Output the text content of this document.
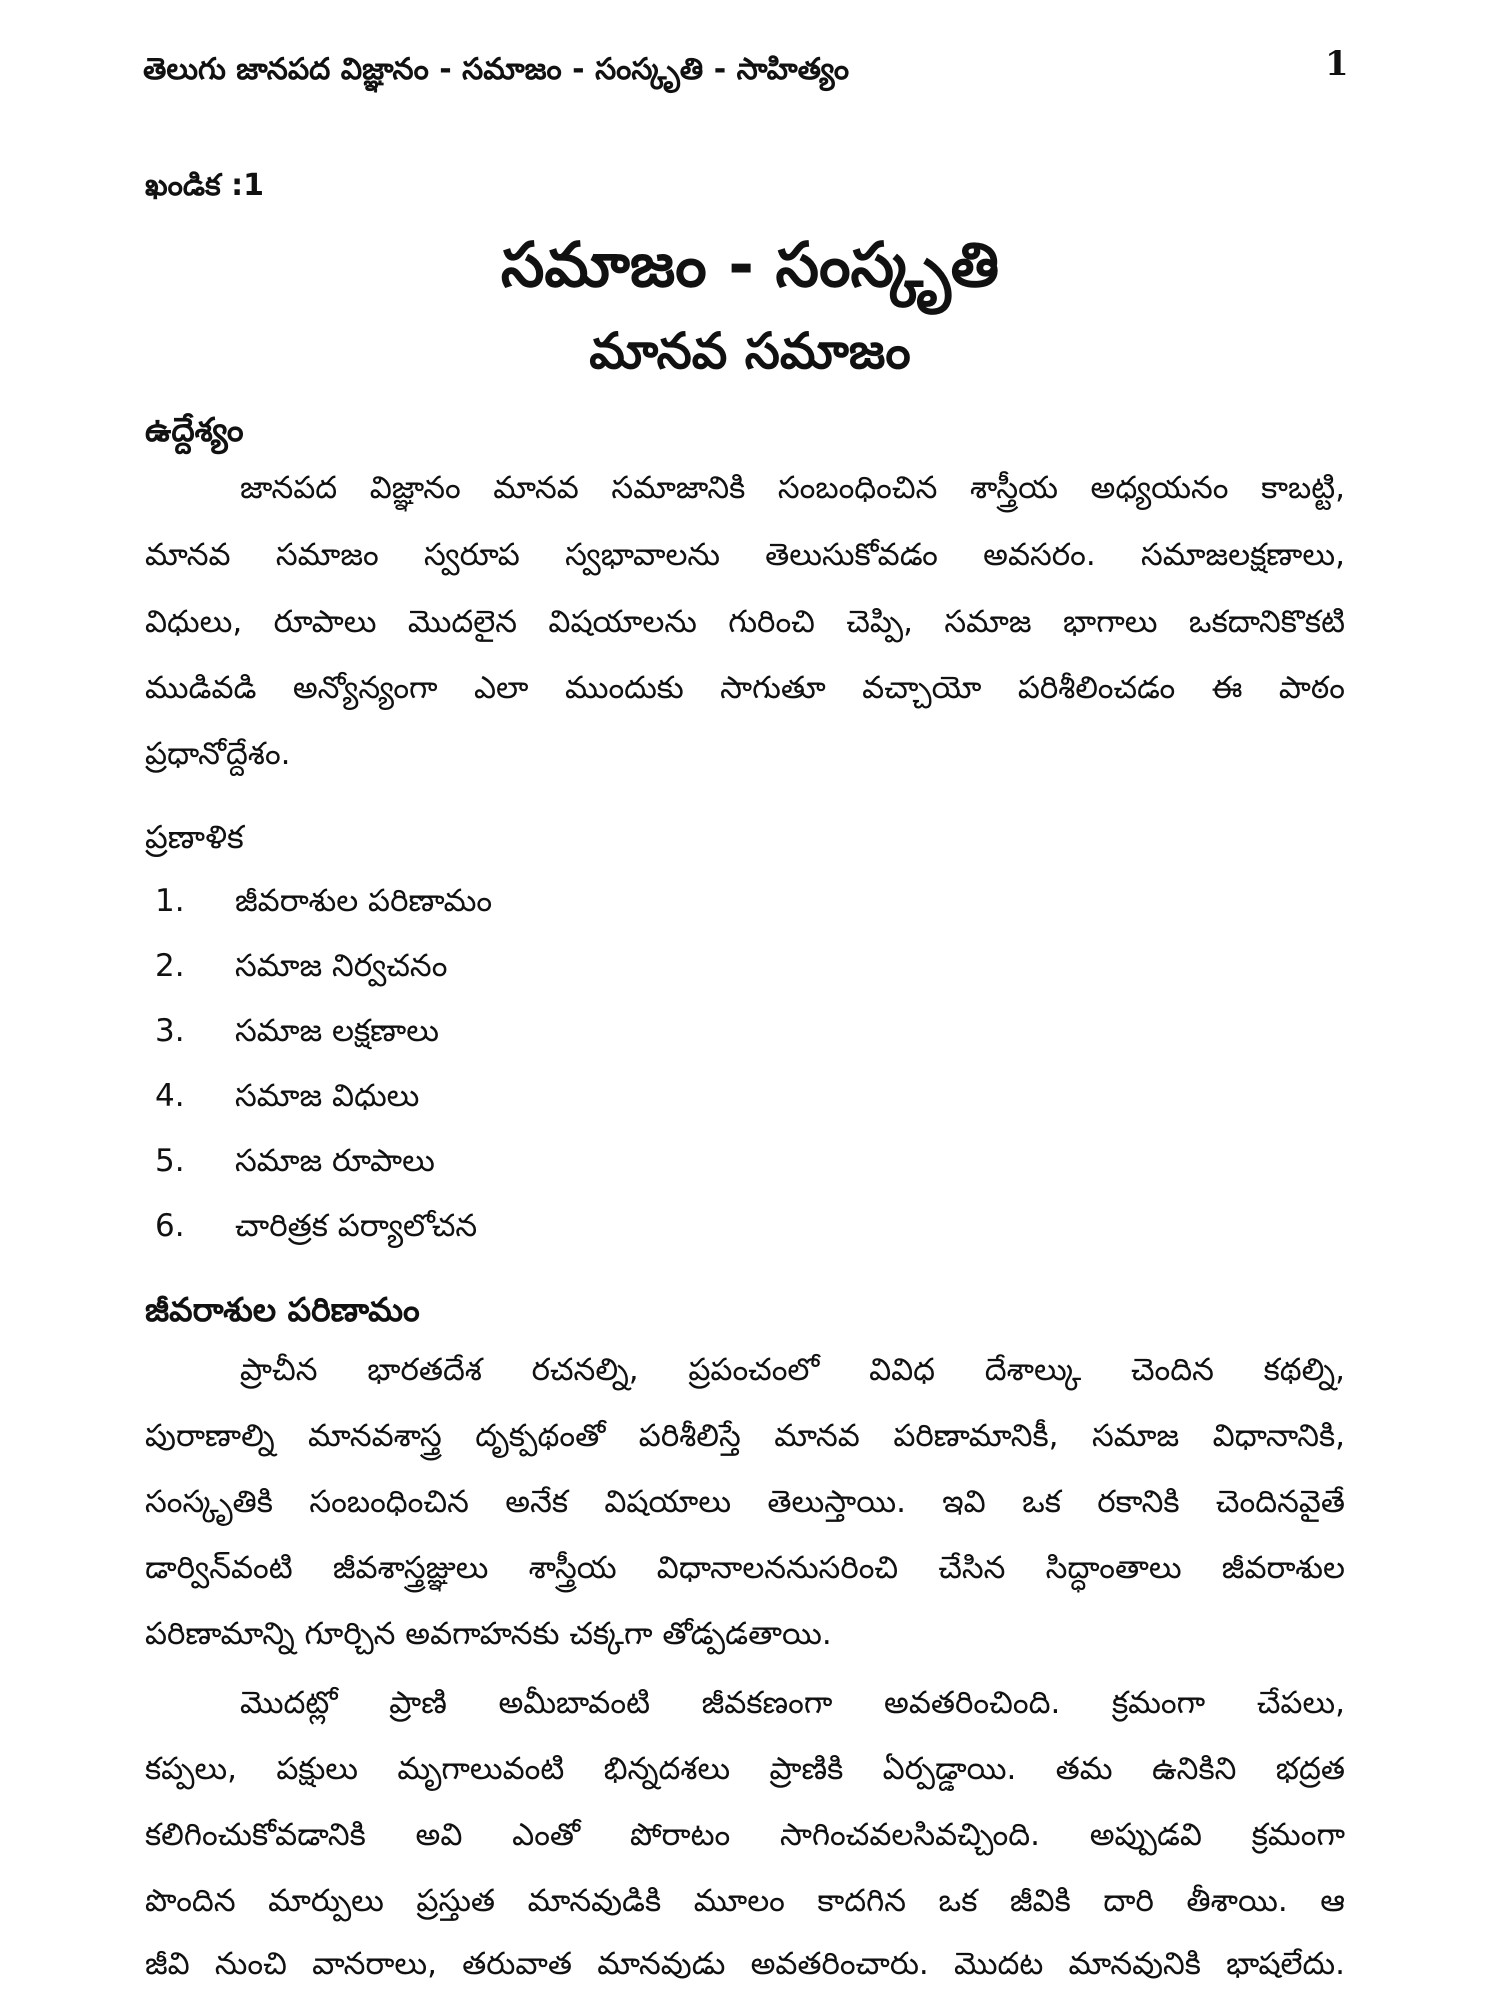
తెలుగు జానపద విజ్ఞానం - సమాజం - సంస్కృతి - సాహిత్యం	1
ఖండిక :1
సమాజం - సంస్కృతి
మానవ సమాజం
ఉద్దేశ్యం
జానపద విజ్ఞానం మానవ సమాజానికి సంబంధించిన శాస్త్రీయ అధ్యయనం కాబట్టి,
మానవ సమాజం స్వరూప స్వభావాలను తెలుసుకోవడం అవసరం. సమాజలక్షణాలు,
విధులు, రూపాలు మొదలైన విషయాలను గురించి చెప్పి, సమాజ భాగాలు ఒకదానికొకటి
ముడివడి అన్యోన్యంగా ఎలా ముందుకు సాగుతూ వచ్చాయో పరిశీలించడం ఈ పాఠం
ప్రధానోద్దేశం.
ప్రణాళిక
1. జీవరాశుల పరిణామం
2. సమాజ నిర్వచనం
3. సమాజ లక్షణాలు
4. సమాజ విధులు
5. సమాజ రూపాలు
6. చారిత్రక పర్యాలోచన
జీవరాశుల పరిణామం
ప్రాచీన భారతదేశ రచనల్ని, ప్రపంచంలో వివిధ దేశాల్కు చెందిన కథల్ని,
పురాణాల్ని మానవశాస్త్ర దృక్పథంతో పరిశీలిస్తే మానవ పరిణామానికీ, సమాజ విధానానికి,
సంస్కృతికి సంబంధించిన అనేక విషయాలు తెలుస్తాయి. ఇవి ఒక రకానికి చెందినవైతే
డార్విన్‌వంటి జీవశాస్త్రజ్ఞులు శాస్త్రీయ విధానాలననుసరించి చేసిన సిద్ధాంతాలు జీవరాశుల
పరిణామాన్ని గూర్చిన అవగాహనకు చక్కగా తోడ్పడతాయి.
మొదట్లో ప్రాణి అమీబావంటి జీవకణంగా అవతరించింది. క్రమంగా చేపలు,
కప్పలు, పక్షులు మృగాలువంటి భిన్నదశలు ప్రాణికి ఏర్పడ్డాయి. తమ ఉనికిని భద్రత
కలిగించుకోవడానికి అవి ఎంతో పోరాటం సాగించవలసివచ్చింది. అప్పుడవి క్రమంగా
పొందిన మార్పులు ప్రస్తుత మానవుడికి మూలం కాదగిన ఒక జీవికి దారి తీశాయి. ఆ
జీవి నుంచి వానరాలు, తరువాత మానవుడు అవతరించారు. మొదట మానవునికి భాషలేదు.
